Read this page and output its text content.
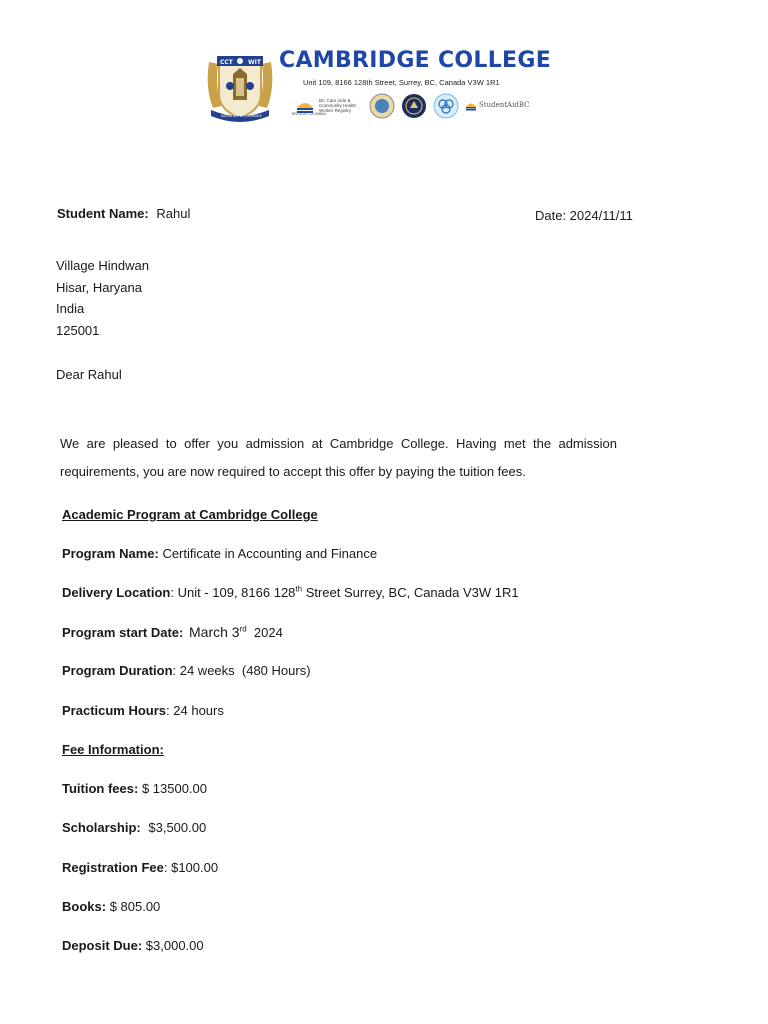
CCT	WIT
DEEDS ALL & COMMERCE
CAMBRIDGE COLLEGE
Unit 109, 8166 128th Street, Surrey, BC, Canada V3W 1R1
BRITISH COLUMBIA
BC Care Aide & Community Health Worker Registry
StudentAidBC
Student Name: Rahul	Date: 2024/11/11
Village Hindwan
Hisar, Haryana
India
125001
Dear Rahul
We are pleased to offer you admission at Cambridge College. Having met the admission
requirements, you are now required to accept this offer by paying the tuition fees.
Academic Program at Cambridge College
Program Name: Certificate in Accounting and Finance
Delivery Location: Unit - 109, 8166 128th Street Surrey, BC, Canada V3W 1R1
Program start Date: March 3rd  2024
Program Duration: 24 weeks  (480 Hours)
Practicum Hours: 24 hours
Fee Information:
Tuition fees: $ 13500.00
Scholarship: $3,500.00
Registration Fee: $100.00
Books: $ 805.00
Deposit Due: $3,000.00
